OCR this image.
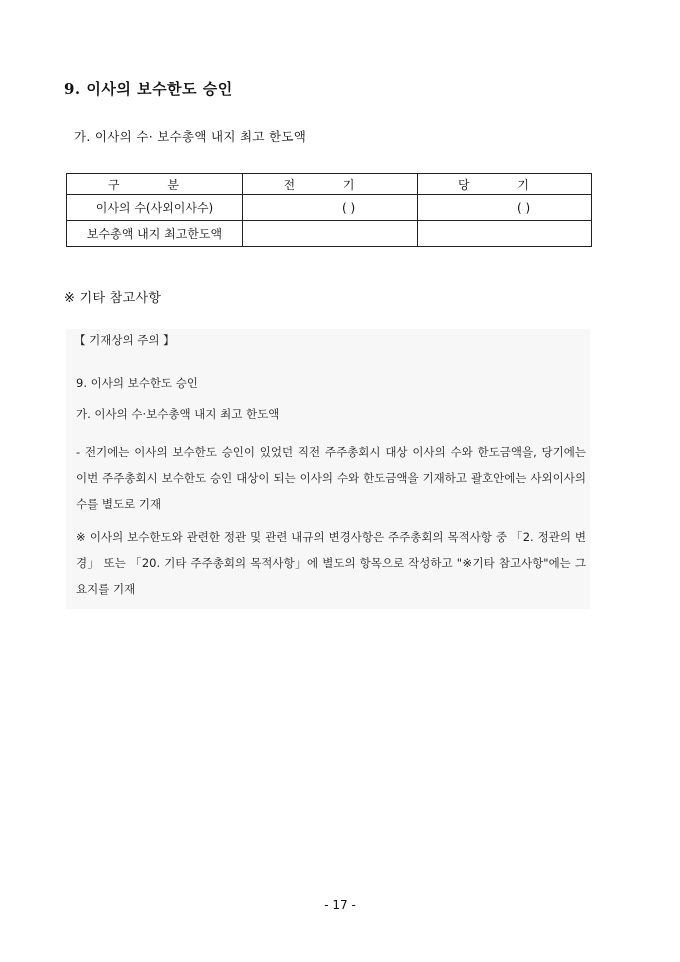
9. 이사의 보수한도 승인
가. 이사의 수· 보수총액 내지 최고 한도액
구 분	전 기	당 기
이사의 수(사외이사수)	( )	( )
보수총액 내지 최고한도액		
※ 기타 참고사항
【 기재상의 주의 】
9. 이사의 보수한도 승인
가. 이사의 수·보수총액 내지 최고 한도액
- 전기에는 이사의 보수한도 승인이 있었던 직전 주주총회시 대상 이사의 수와 한도금액을, 당기에는 이번 주주총회시 보수한도 승인 대상이 되는 이사의 수와 한도금액을 기재하고 괄호안에는 사외이사의 수를 별도로 기재
※ 이사의 보수한도와 관련한 정관 및 관련 내규의 변경사항은 주주총회의 목적사항 중 「2. 정관의 변경」 또는 「20. 기타 주주총회의 목적사항」에 별도의 항목으로 작성하고 "※기타 참고사항"에는 그 요지를 기재
- 17 -
